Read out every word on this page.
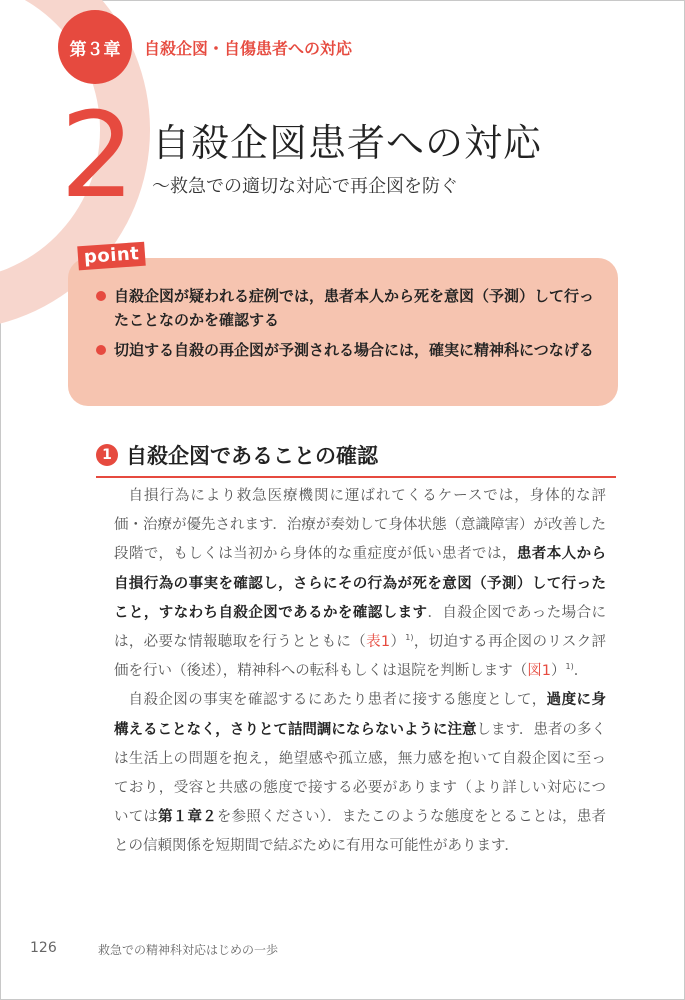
第３章	自殺企図・自傷患者への対応
2 自殺企図患者への対応
～救急での適切な対応で再企図を防ぐ
point
自殺企図が疑われる症例では，患者本人から死を意図（予測）して行ったことなのかを確認する
切迫する自殺の再企図が予測される場合には，確実に精神科につなげる
1 自殺企図であることの確認

自損行為により救急医療機関に運ばれてくるケースでは，身体的な評価・治療が優先されます．治療が奏効して身体状態（意識障害）が改善した段階で，もしくは当初から身体的な重症度が低い患者では，患者本人から自損行為の事実を確認し，さらにその行為が死を意図（予測）して行ったこと，すなわち自殺企図であるかを確認します．自殺企図であった場合には，必要な情報聴取を行うとともに（表1）$^{1)}$，切迫する再企図のリスク評価を行い（後述），精神科への転科もしくは退院を判断します（図1）$^{1)}$．

自殺企図の事実を確認するにあたり患者に接する態度として，過度に身構えることなく，さりとて詰問調にならないように注意します．患者の多くは生活上の問題を抱え，絶望感や孤立感，無力感を抱いて自殺企図に至っており，受容と共感の態度で接する必要があります（より詳しい対応については第１章２を参照ください）．またこのような態度をとることは，患者との信頼関係を短期間で結ぶために有用な可能性があります．

126	救急での精神科対応はじめの一歩
